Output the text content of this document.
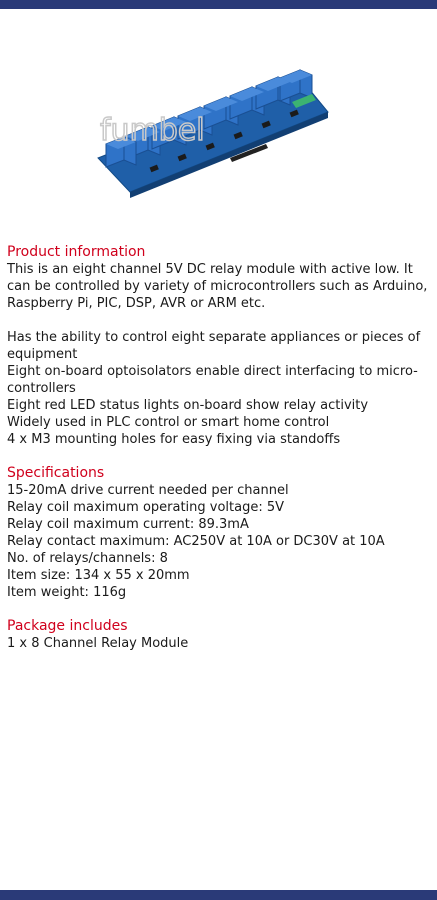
fumbel

Product information

This is an eight channel 5V DC relay module with active low. It can be controlled by variety of microcontrollers such as Arduino, Raspberry Pi, PIC, DSP, AVR or ARM etc.

Has the ability to control eight separate appliances or pieces of equipment

Eight on-board optoisolators enable direct interfacing to micro-controllers

Eight red LED status lights on-board show relay activity

Widely used in PLC control or smart home control

4 x M3 mounting holes for easy fixing via standoffs

Specifications

15-20mA drive current needed per channel

Relay coil maximum operating voltage: 5V

Relay coil maximum current: 89.3mA

Relay contact maximum: AC250V at 10A or DC30V at 10A

No. of relays/channels: 8

Item size: 134 x 55 x 20mm

Item weight: 116g

Package includes

1 x 8 Channel Relay Module
